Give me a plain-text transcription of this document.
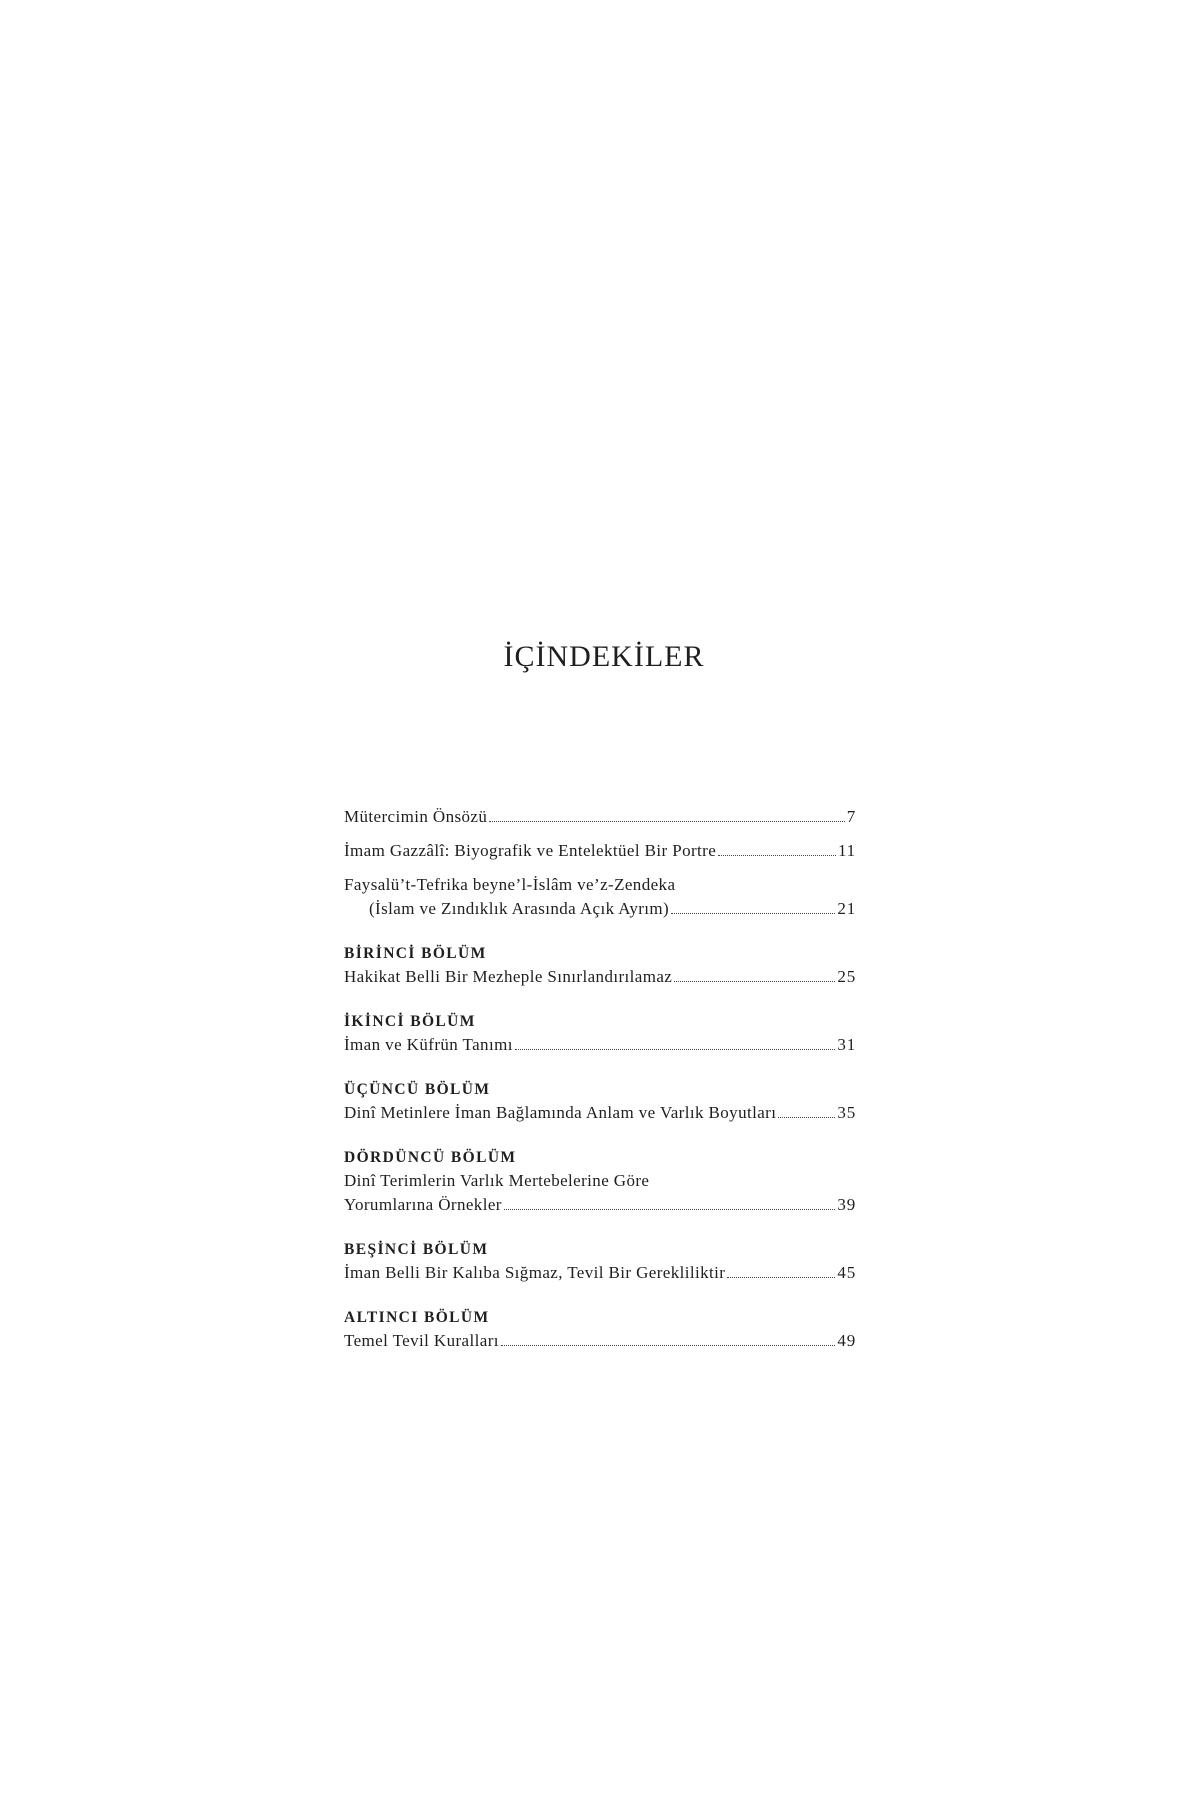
İÇİNDEKİLER
Mütercimin Önsözü	7
İmam Gazzâlî: Biyografik ve Entelektüel Bir Portre	11
Faysalü’t-Tefrika beyne’l-İslâm ve’z-Zendeka
(İslam ve Zındıklık Arasında Açık Ayrım)	21
BİRİNCİ BÖLÜM
Hakikat Belli Bir Mezheple Sınırlandırılamaz	25
İKİNCİ BÖLÜM
İman ve Küfrün Tanımı	31
ÜÇÜNCÜ BÖLÜM
Dinî Metinlere İman Bağlamında Anlam ve Varlık Boyutları	35
DÖRDÜNCÜ BÖLÜM
Dinî Terimlerin Varlık Mertebelerine Göre
Yorumlarına Örnekler	39
BEŞİNCİ BÖLÜM
İman Belli Bir Kalıba Sığmaz, Tevil Bir Gerekliliktir	45
ALTINCI BÖLÜM
Temel Tevil Kuralları	49
